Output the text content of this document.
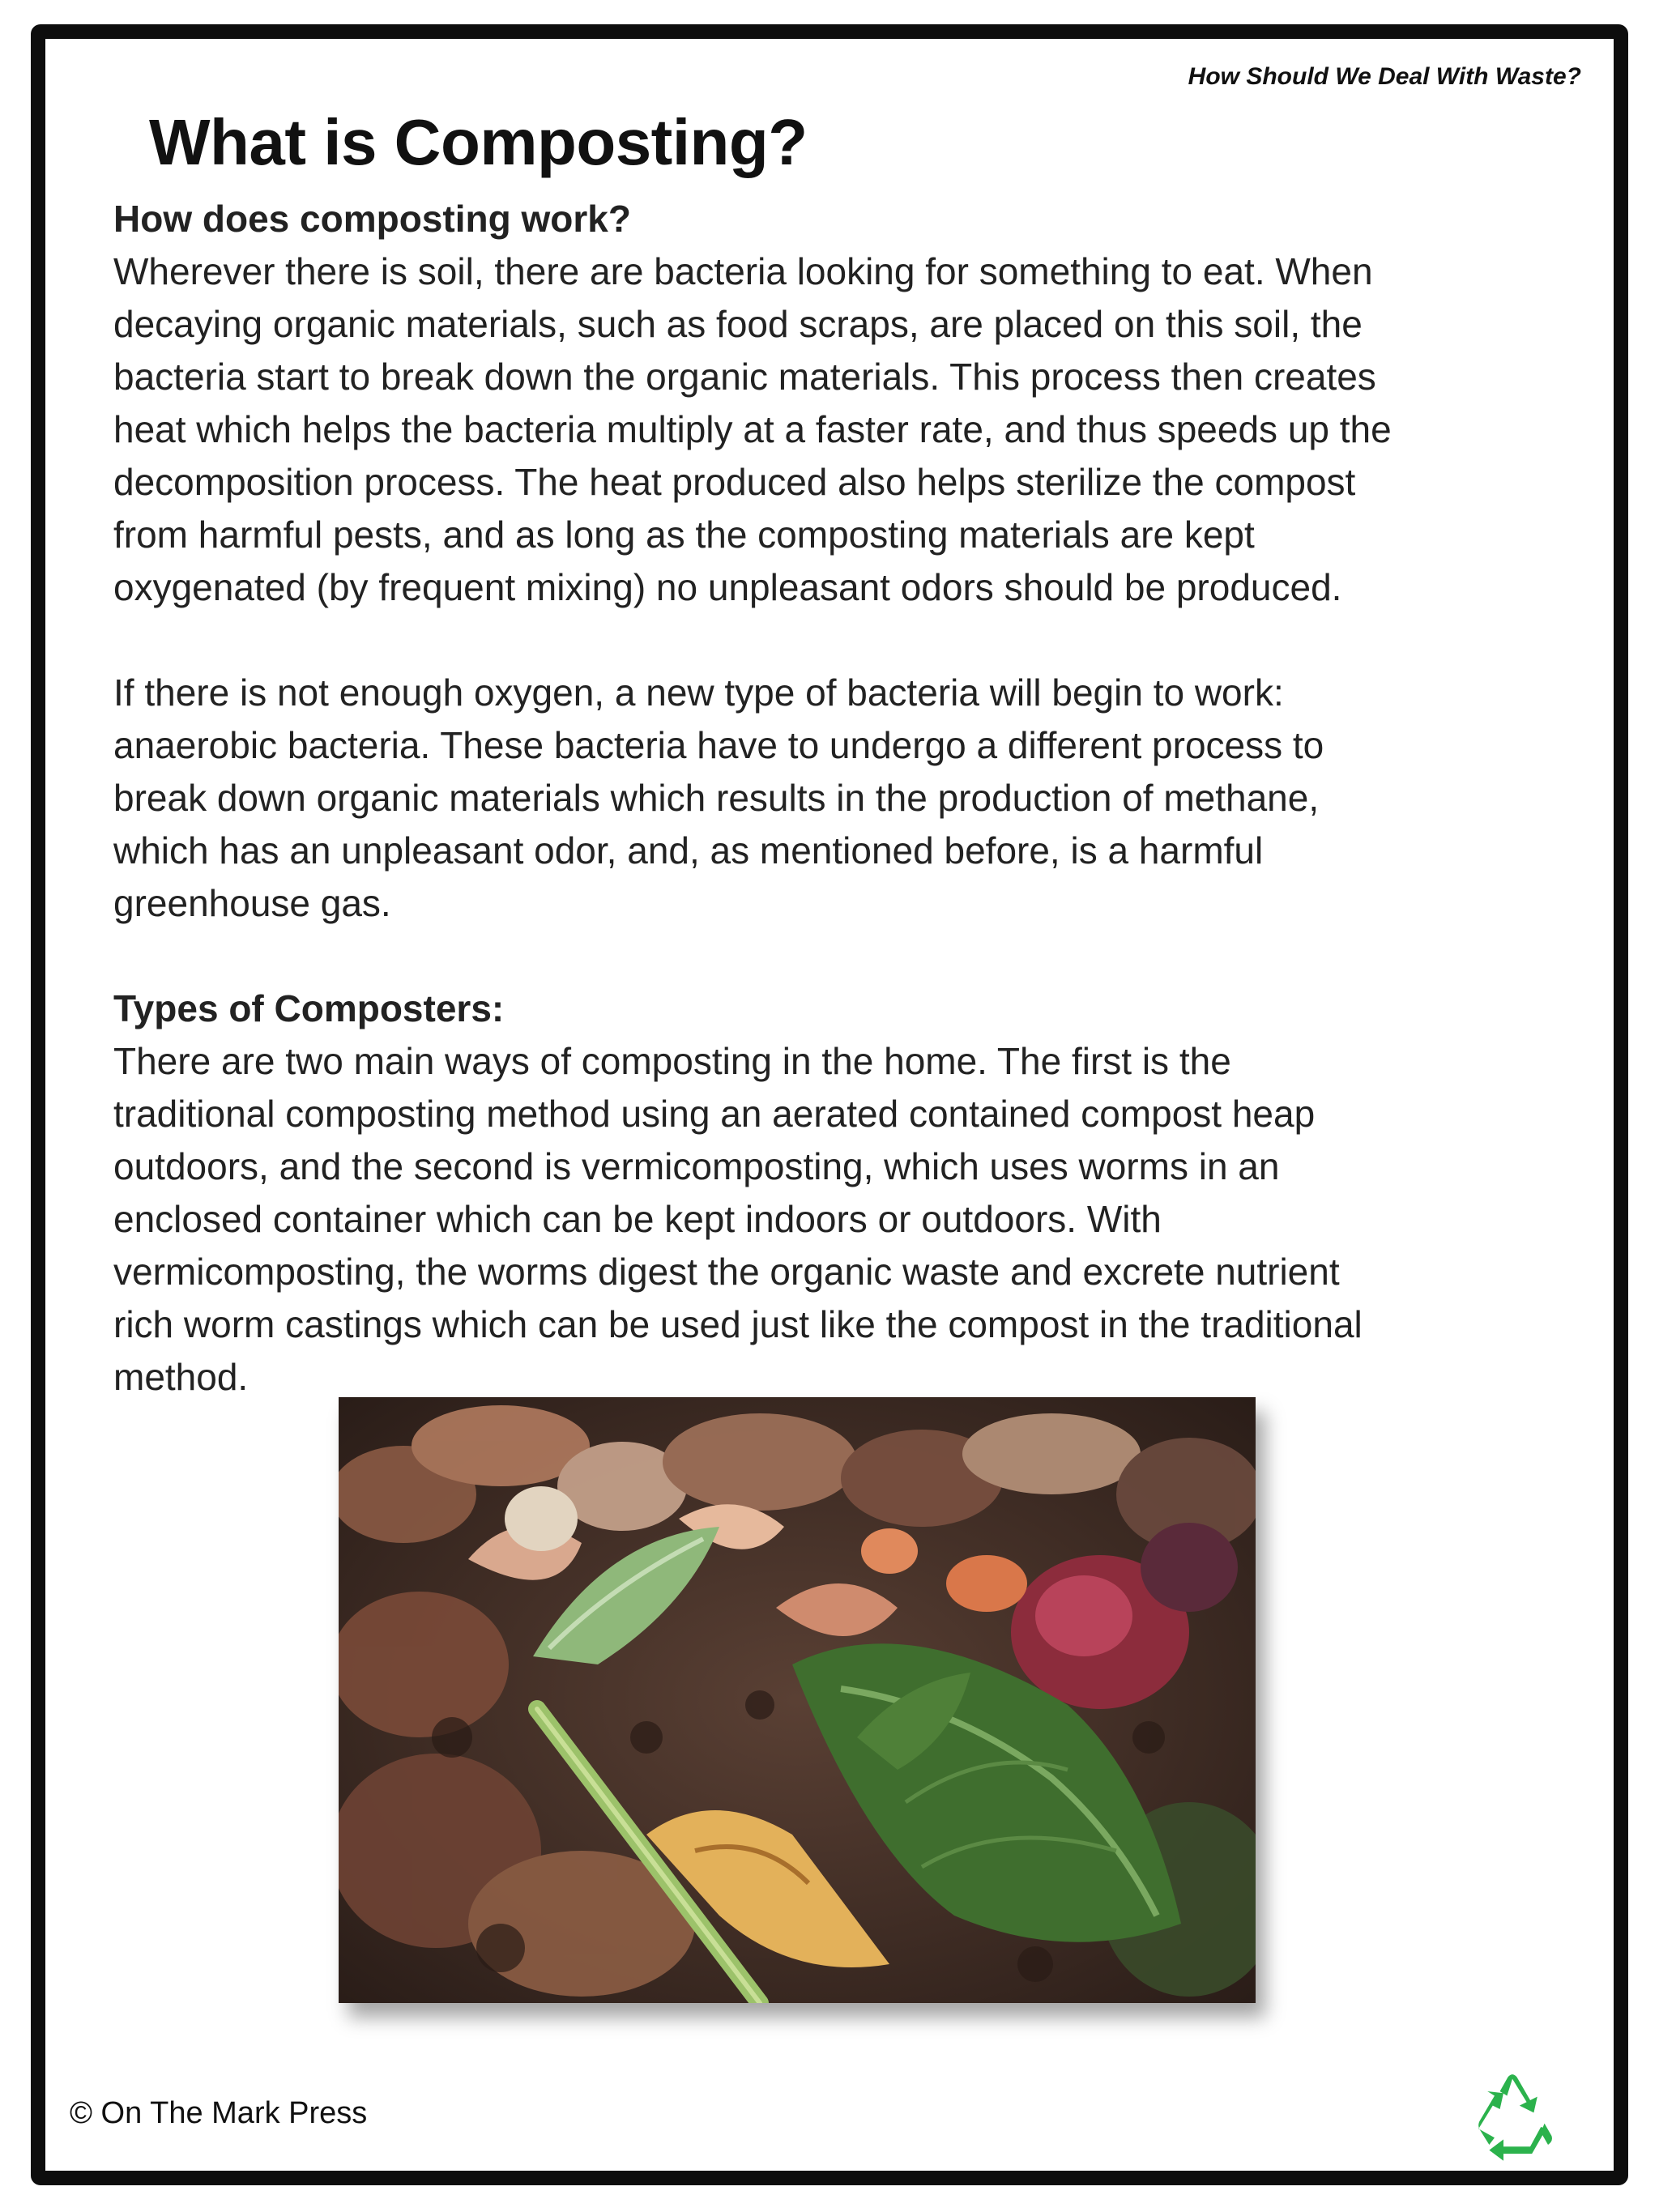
How Should We Deal With Waste?
What is Composting?
How does composting work?

Wherever there is soil, there are bacteria looking for something to eat. When
decaying organic materials, such as food scraps, are placed on this soil, the
bacteria start to break down the organic materials. This process then creates
heat which helps the bacteria multiply at a faster rate, and thus speeds up the
decomposition process. The heat produced also helps sterilize the compost
from harmful pests, and as long as the composting materials are kept
oxygenated (by frequent mixing) no unpleasant odors should be produced.

If there is not enough oxygen, a new type of bacteria will begin to work:
anaerobic bacteria. These bacteria have to undergo a different process to
break down organic materials which results in the production of methane,
which has an unpleasant odor, and, as mentioned before, is a harmful
greenhouse gas.

Types of Composters:

There are two main ways of composting in the home. The first is the
traditional composting method using an aerated contained compost heap
outdoors, and the second is vermicomposting, which uses worms in an
enclosed container which can be kept indoors or outdoors. With
vermicomposting, the worms digest the organic waste and excrete nutrient
rich worm castings which can be used just like the compost in the traditional
method.

© On The Mark Press
